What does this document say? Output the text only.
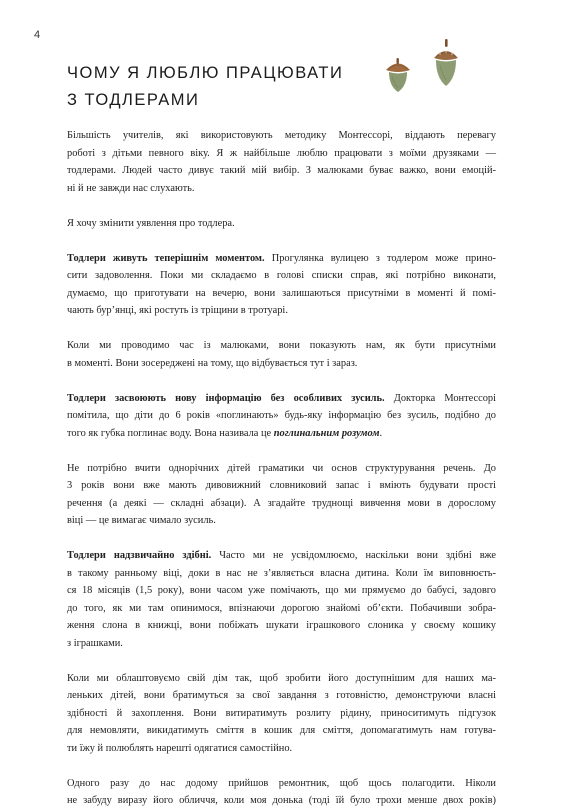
4
ЧОМУ Я ЛЮБЛЮ ПРАЦЮВАТИ
З ТОДЛЕРАМИ

Більшість учителів, які використовують методику Монтессорі, віддають перевагу
роботі з дітьми певного віку. Я ж найбільше люблю працювати з моїми друзяками —
тодлерами. Людей часто дивує такий мій вибір. З малюками буває важко, вони емоцій-
ні й не завжди нас слухають.

Я хочу змінити уявлення про тодлера.

Тодлери живуть теперішнім моментом. Прогулянка вулицею з тодлером може прино-
сити задоволення. Поки ми складаємо в голові списки справ, які потрібно виконати,
думаємо, що приготувати на вечерю, вони залишаються присутніми в моменті й помі-
чають бур’янці, які ростуть із тріщини в тротуарі.

Коли ми проводимо час із малюками, вони показують нам, як бути присутніми
в моменті. Вони зосереджені на тому, що відбувається тут і зараз.

Тодлери засвоюють нову інформацію без особливих зусиль. Докторка Монтессорі
помітила, що діти до 6 років «поглинають» будь-яку інформацію без зусиль, подібно до
того як губка поглинає воду. Вона називала це поглинальним розумом.

Не потрібно вчити однорічних дітей граматики чи основ структурування речень. До
3 років вони вже мають дивовижний словниковий запас і вміють будувати прості
речення (а деякі — складні абзаци). А згадайте труднощі вивчення мови в дорослому
віці — це вимагає чимало зусиль.

Тодлери надзвичайно здібні. Часто ми не усвідомлюємо, наскільки вони здібні вже
в такому ранньому віці, доки в нас не з’являється власна дитина. Коли їм виповнюєть-
ся 18 місяців (1,5 року), вони часом уже помічають, що ми прямуємо до бабусі, задовго
до того, як ми там опинимося, впізнаючи дорогою знайомі об’єкти. Побачивши зобра-
ження слона в книжці, вони побіжать шукати іграшкового слоника у своєму кошику
з іграшками.

Коли ми облаштовуємо свій дім так, щоб зробити його доступнішим для наших ма-
леньких дітей, вони братимуться за свої завдання з готовністю, демонструючи власні
здібності й захоплення. Вони витиратимуть розлиту рідину, приноситимуть підгузок
для немовляти, викидатимуть сміття в кошик для сміття, допомагатимуть нам готува-
ти їжу й полюблять нарешті одягатися самостійно.

Одного разу до нас додому прийшов ремонтник, щоб щось полагодити. Ніколи
не забуду виразу його обличчя, коли моя донька (тоді їй було трохи менше двох років)
